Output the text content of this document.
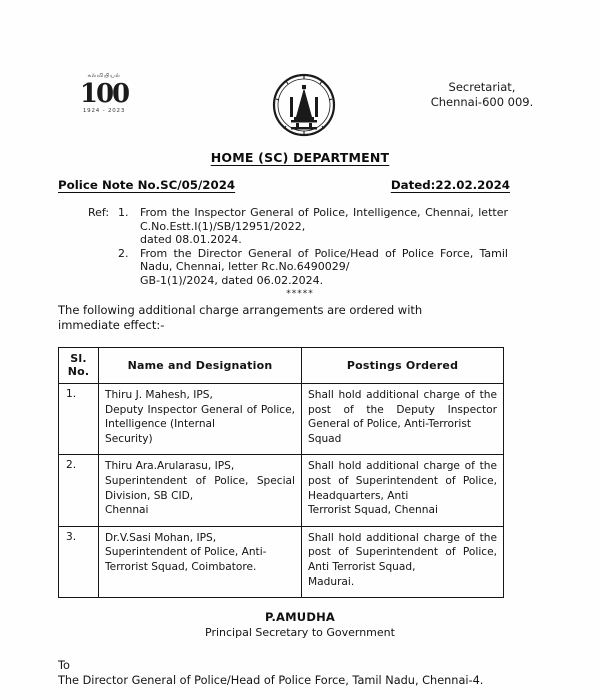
கல்வியியல்
100
1924 - 2023
Secretariat,
Chennai-600 009.
HOME (SC) DEPARTMENT
Police Note No.SC/05/2024	Dated:22.02.2024
Ref: 1.	From the Inspector General of Police, Intelligence, Chennai, letter C.No.Estt.I(1)/SB/12951/2022,
dated 08.01.2024.
2.	From the Director General of Police/Head of Police Force, Tamil Nadu, Chennai, letter Rc.No.6490029/
GB-1(1)/2024, dated 06.02.2024.
*****
The following additional charge arrangements are ordered with
immediate effect:-
Sl.
No.	Name and Designation	Postings Ordered
1.	Thiru J. Mahesh, IPS,
Deputy Inspector General of Police, Intelligence (Internal
Security)	Shall hold additional charge of the post of the Deputy Inspector General of Police, Anti-Terrorist
Squad

2.	Thiru Ara.Arularasu, IPS,
Superintendent of Police, Special Division, SB CID,
Chennai	Shall hold additional charge of the post of Superintendent of Police, Headquarters, Anti
Terrorist Squad, Chennai

3.	Dr.V.Sasi Mohan, IPS,
Superintendent of Police, Anti-
Terrorist Squad, Coimbatore.	Shall hold additional charge of the post of Superintendent of Police, Anti Terrorist Squad,
Madurai.
P.AMUDHA
Principal Secretary to Government
To
The Director General of Police/Head of Police Force, Tamil Nadu, Chennai-4.
